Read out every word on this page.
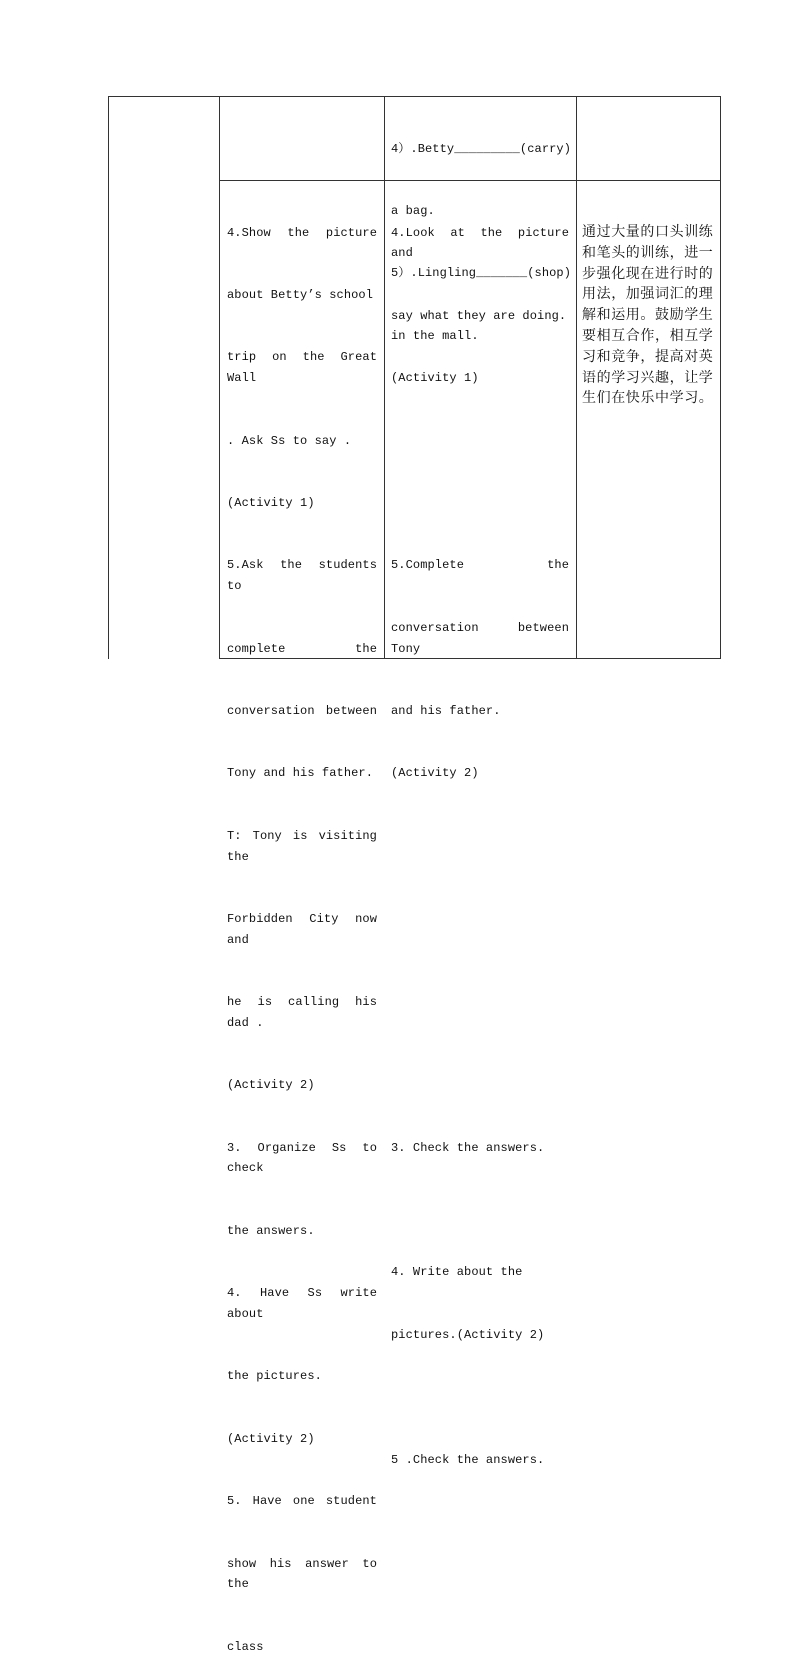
4）.Betty_________(carry)

a bag.

5）.Lingling_______(shop)

in the mall.

4.Show the picture

about Betty’s school

trip on the Great Wall

. Ask Ss to say .

(Activity 1)

5.Ask the students to

complete the

conversation between

Tony and his father.

T: Tony is visiting the

Forbidden City now and

he is calling his dad .

(Activity 2)

3. Organize Ss to check

the answers.

4. Have Ss write about

the pictures.

(Activity 2)

5. Have one student

show his answer to the

class

4.Look at the picture and

say what they are doing.

(Activity 1)

5.Complete the

conversation between Tony

and his father.

(Activity 2)

3. Check the answers.

4. Write about the

pictures.(Activity 2)

5 .Check the answers.

通过大量的口头训练和笔头的训练，进一步强化现在进行时的用法，加强词汇的理解和运用。鼓励学生要相互合作，相互学习和竞争，提高对英语的学习兴趣，让学生们在快乐中学习。
